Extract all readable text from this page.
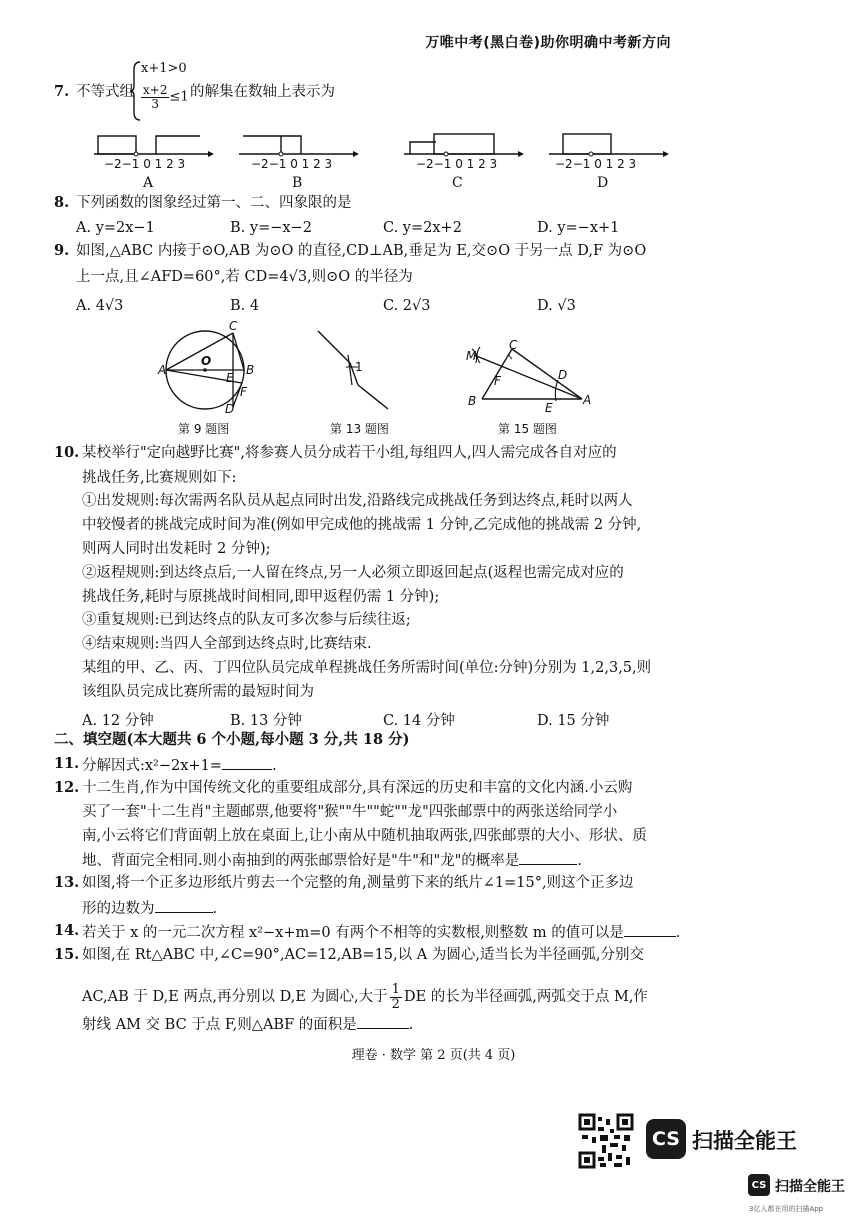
万唯中考(黑白卷)助你明确中考新方向
7. 不等式组
x+1>0
$\frac{x+2}{3} \le 1$ 的解集在数轴上表示为
−2−1 0 1 2 3
A
−2−1 0 1 2 3
B
−2−1 0 1 2 3
C
−2−1 0 1 2 3
D
8. 下列函数的图象经过第一、二、四象限的是
A. y=2x−1	B. y=−x−2	C. y=2x+2	D. y=−x+1
9. 如图,△ABC 内接于⊙O,AB 为⊙O 的直径,CD⊥AB,垂足为 E,交⊙O 于另一点 D,F 为⊙O
上一点,且∠AFD=60°,若 CD=4√3,则⊙O 的半径为
A. 4√3	B. 4	C. 2√3	D. √3
C
O
A	B
E
F
D
第 9 题图
1
第 13 题图
M
C
F	D
B	E
A
第 15 题图
10. 某校举行"定向越野比赛",将参赛人员分成若干小组,每组四人,四人需完成各自对应的
挑战任务,比赛规则如下:
①出发规则:每次需两名队员从起点同时出发,沿路线完成挑战任务到达终点,耗时以两人
中较慢者的挑战完成时间为准(例如甲完成他的挑战需 1 分钟,乙完成他的挑战需 2 分钟,
则两人同时出发耗时 2 分钟);
②返程规则:到达终点后,一人留在终点,另一人必须立即返回起点(返程也需完成对应的
挑战任务,耗时与原挑战时间相同,即甲返程仍需 1 分钟);
③重复规则:已到达终点的队友可多次参与后续往返;
④结束规则:当四人全部到达终点时,比赛结束.
某组的甲、乙、丙、丁四位队员完成单程挑战任务所需时间(单位:分钟)分别为 1,2,3,5,则
该组队员完成比赛所需的最短时间为
A. 12 分钟	B. 13 分钟	C. 14 分钟	D. 15 分钟
二、填空题(本大题共 6 个小题,每小题 3 分,共 18 分)
11. 分解因式:x²−2x+1=	.
12. 十二生肖,作为中国传统文化的重要组成部分,具有深远的历史和丰富的文化内涵.小云购
买了一套"十二生肖"主题邮票,他要将"猴""牛""蛇""龙"四张邮票中的两张送给同学小
南,小云将它们背面朝上放在桌面上,让小南从中随机抽取两张,四张邮票的大小、形状、质
地、背面完全相同.则小南抽到的两张邮票恰好是"牛"和"龙"的概率是	.
13. 如图,将一个正多边形纸片剪去一个完整的角,测量剪下来的纸片∠1=15°,则这个正多边
形的边数为	.
14. 若关于 x 的一元二次方程 x²−x+m=0 有两个不相等的实数根,则整数 m 的值可以是	.
15. 如图,在 Rt△ABC 中,∠C=90°,AC=12,AB=15,以 A 为圆心,适当长为半径画弧,分别交
AC,AB 于 D,E 两点,再分别以 D,E 为圆心,大于 $\frac{1}{2}$ DE 的长为半径画弧,两弧交于点 M,作
射线 AM 交 BC 于点 F,则△ABF 的面积是	.
理卷 · 数学 第 2 页(共 4 页)
CS 扫描全能王
CS 扫描全能王
3亿人都在用的扫描App
